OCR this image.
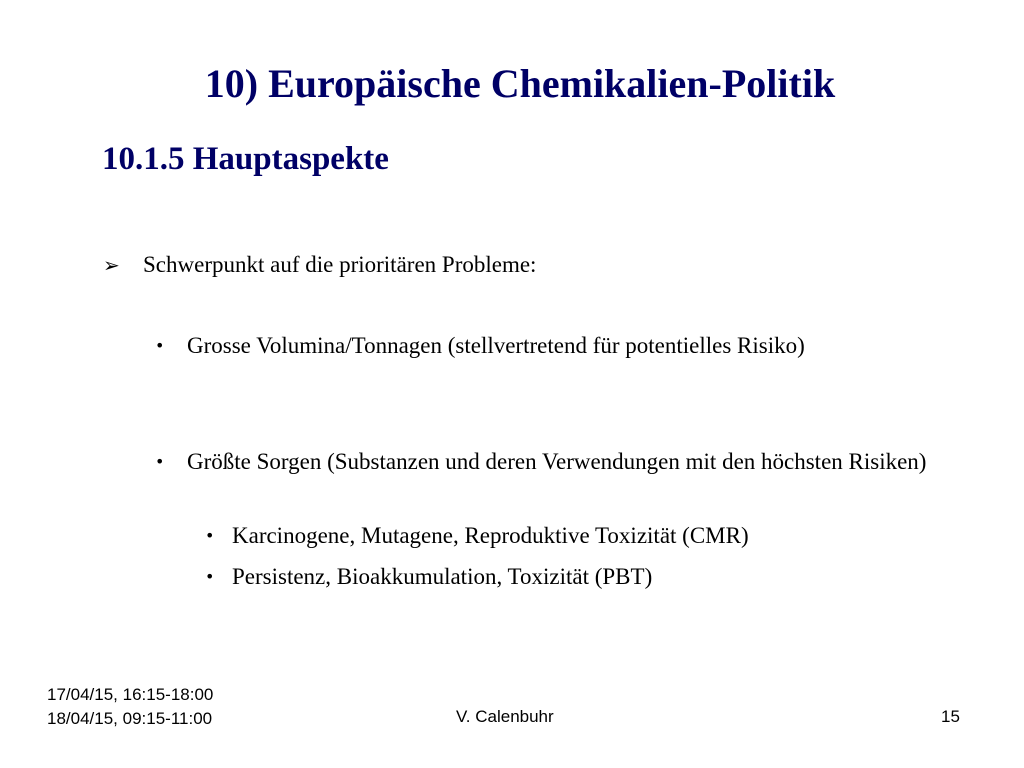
10) Europäische Chemikalien-Politik
10.1.5 Hauptaspekte
➢ Schwerpunkt auf die prioritären Probleme:
• Grosse Volumina/Tonnagen (stellvertretend für potentielles Risiko)
• Größte Sorgen (Substanzen und deren Verwendungen mit den höchsten Risiken)
• Karcinogene, Mutagene, Reproduktive Toxizität (CMR)
• Persistenz, Bioakkumulation, Toxizität (PBT)
17/04/15, 16:15-18:00
18/04/15, 09:15-11:00	V. Calenbuhr	15
